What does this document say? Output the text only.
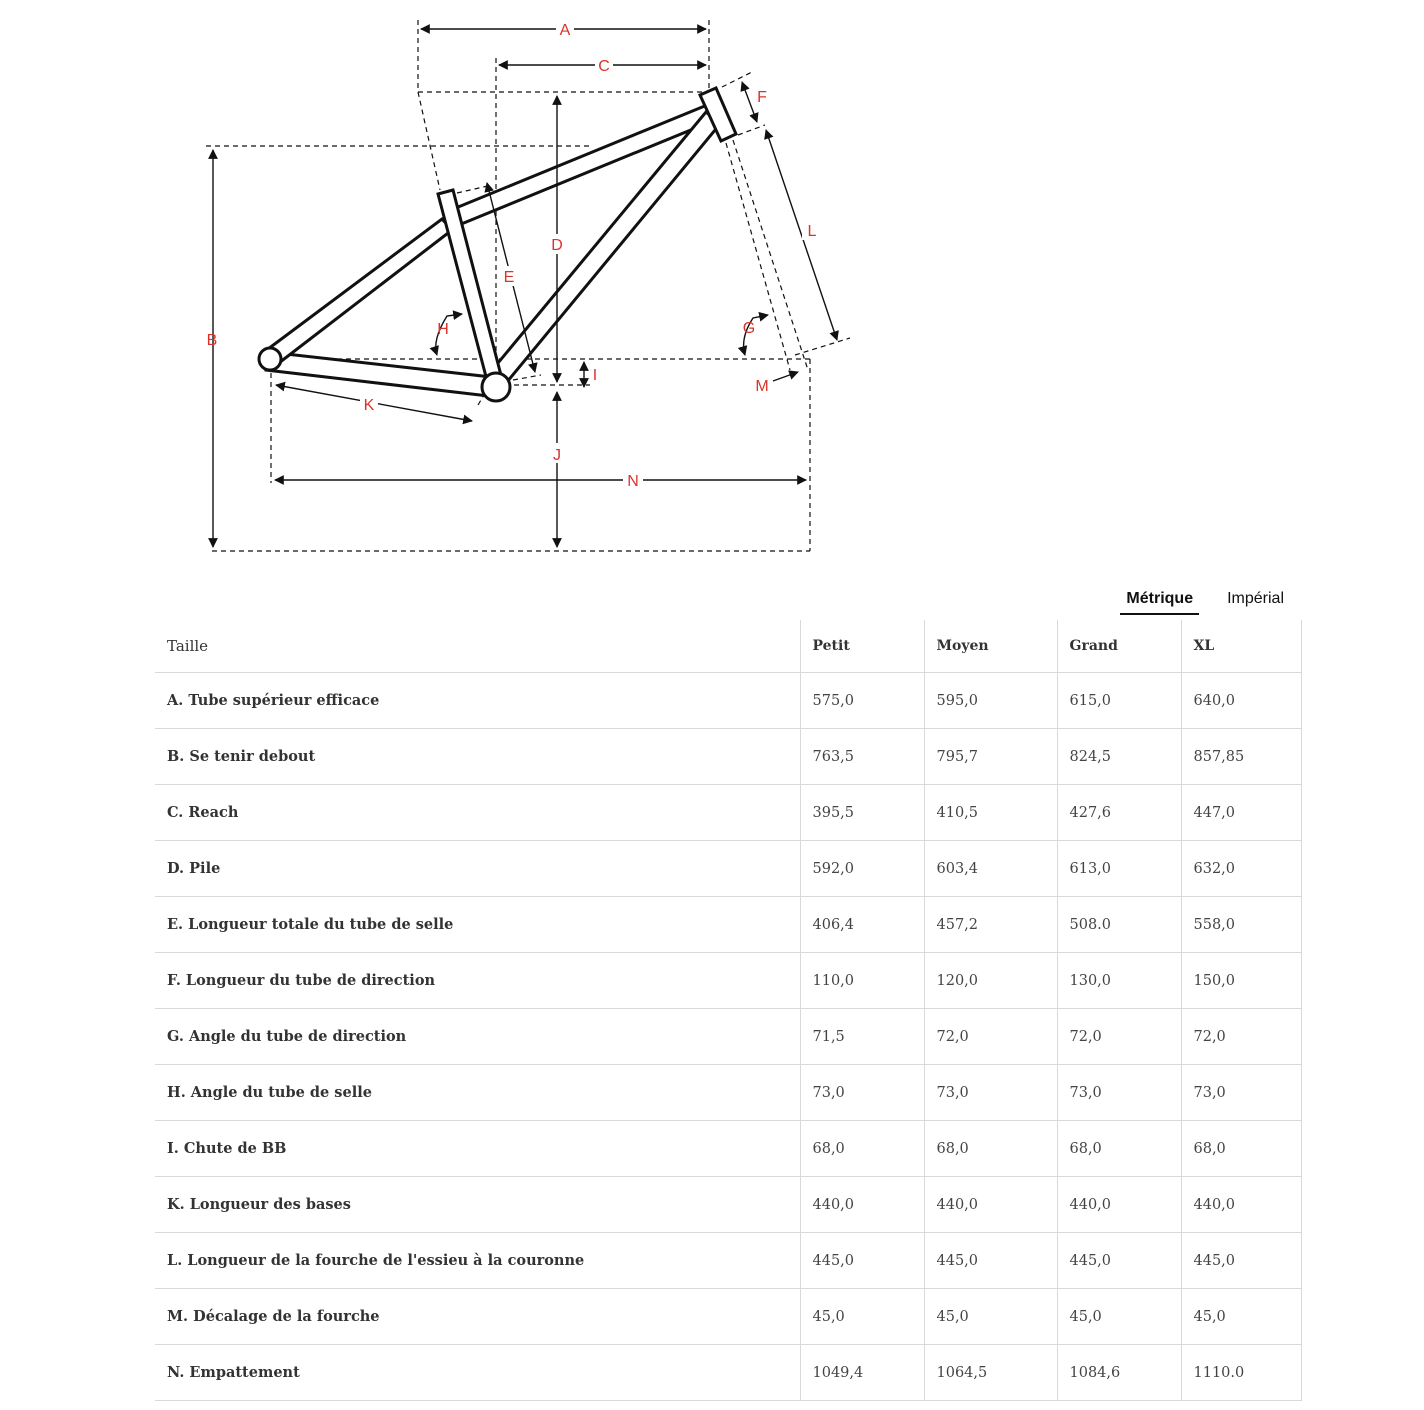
A
B
C
D
E
F
G
H
I
J
K
L
M
N
Métrique	Impérial
Taille	Petit	Moyen	Grand	XL
A. Tube supérieur efficace	575,0	595,0	615,0	640,0
B. Se tenir debout	763,5	795,7	824,5	857,85
C. Reach	395,5	410,5	427,6	447,0
D. Pile	592,0	603,4	613,0	632,0
E. Longueur totale du tube de selle	406,4	457,2	508.0	558,0
F. Longueur du tube de direction	110,0	120,0	130,0	150,0
G. Angle du tube de direction	71,5	72,0	72,0	72,0
H. Angle du tube de selle	73,0	73,0	73,0	73,0
I. Chute de BB	68,0	68,0	68,0	68,0
K. Longueur des bases	440,0	440,0	440,0	440,0
L. Longueur de la fourche de l'essieu à la couronne	445,0	445,0	445,0	445,0
M. Décalage de la fourche	45,0	45,0	45,0	45,0
N. Empattement	1049,4	1064,5	1084,6	1110.0
